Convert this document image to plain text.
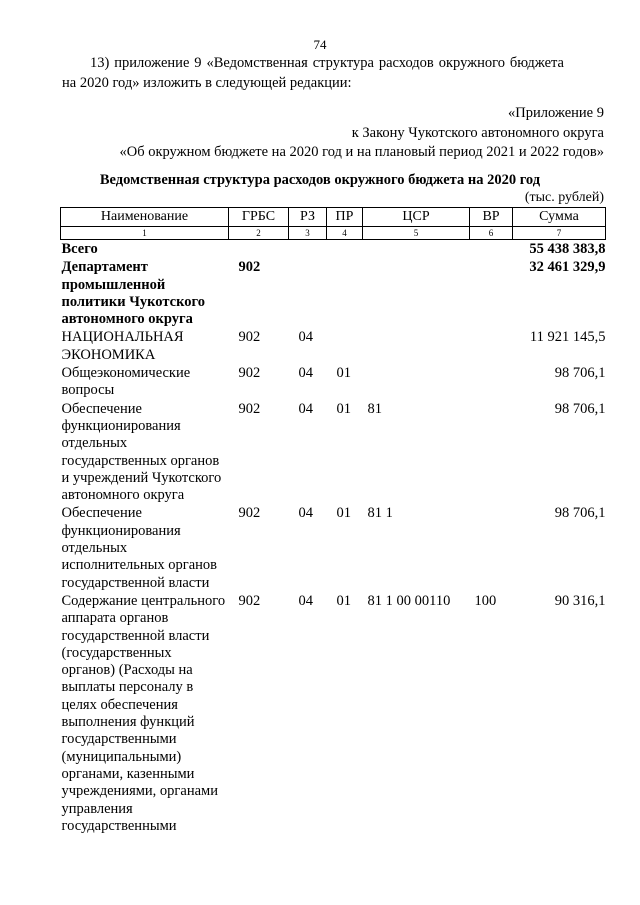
74
13) приложение 9 «Ведомственная структура расходов окружного бюджета на 2020 год» изложить в следующей редакции:
«Приложение 9
к Закону Чукотского автономного округа
«Об окружном бюджете на 2020 год и на плановый период 2021 и 2022 годов»
Ведомственная структура расходов окружного бюджета на 2020 год
(тыс. рублей)
Наименование	ГРБС	РЗ	ПР	ЦСР	ВР	Сумма
1	2	3	4	5	6	7
Всего						55 438 383,8
Департамент промышленной политики Чукотского автономного округа	902					32 461 329,9
НАЦИОНАЛЬНАЯ ЭКОНОМИКА	902	04				11 921 145,5
Общеэкономические вопросы	902	04	01			98 706,1
Обеспечение функционирования отдельных государственных органов и учреждений Чукотского автономного округа	902	04	01	81		98 706,1
Обеспечение функционирования отдельных исполнительных органов государственной власти	902	04	01	81 1		98 706,1
Содержание центрального аппарата органов государственной власти (государственных органов) (Расходы на выплаты персоналу в целях обеспечения выполнения функций государственными (муниципальными) органами, казенными учреждениями, органами управления государственными	902	04	01	81 1 00 00110	100	90 316,1
